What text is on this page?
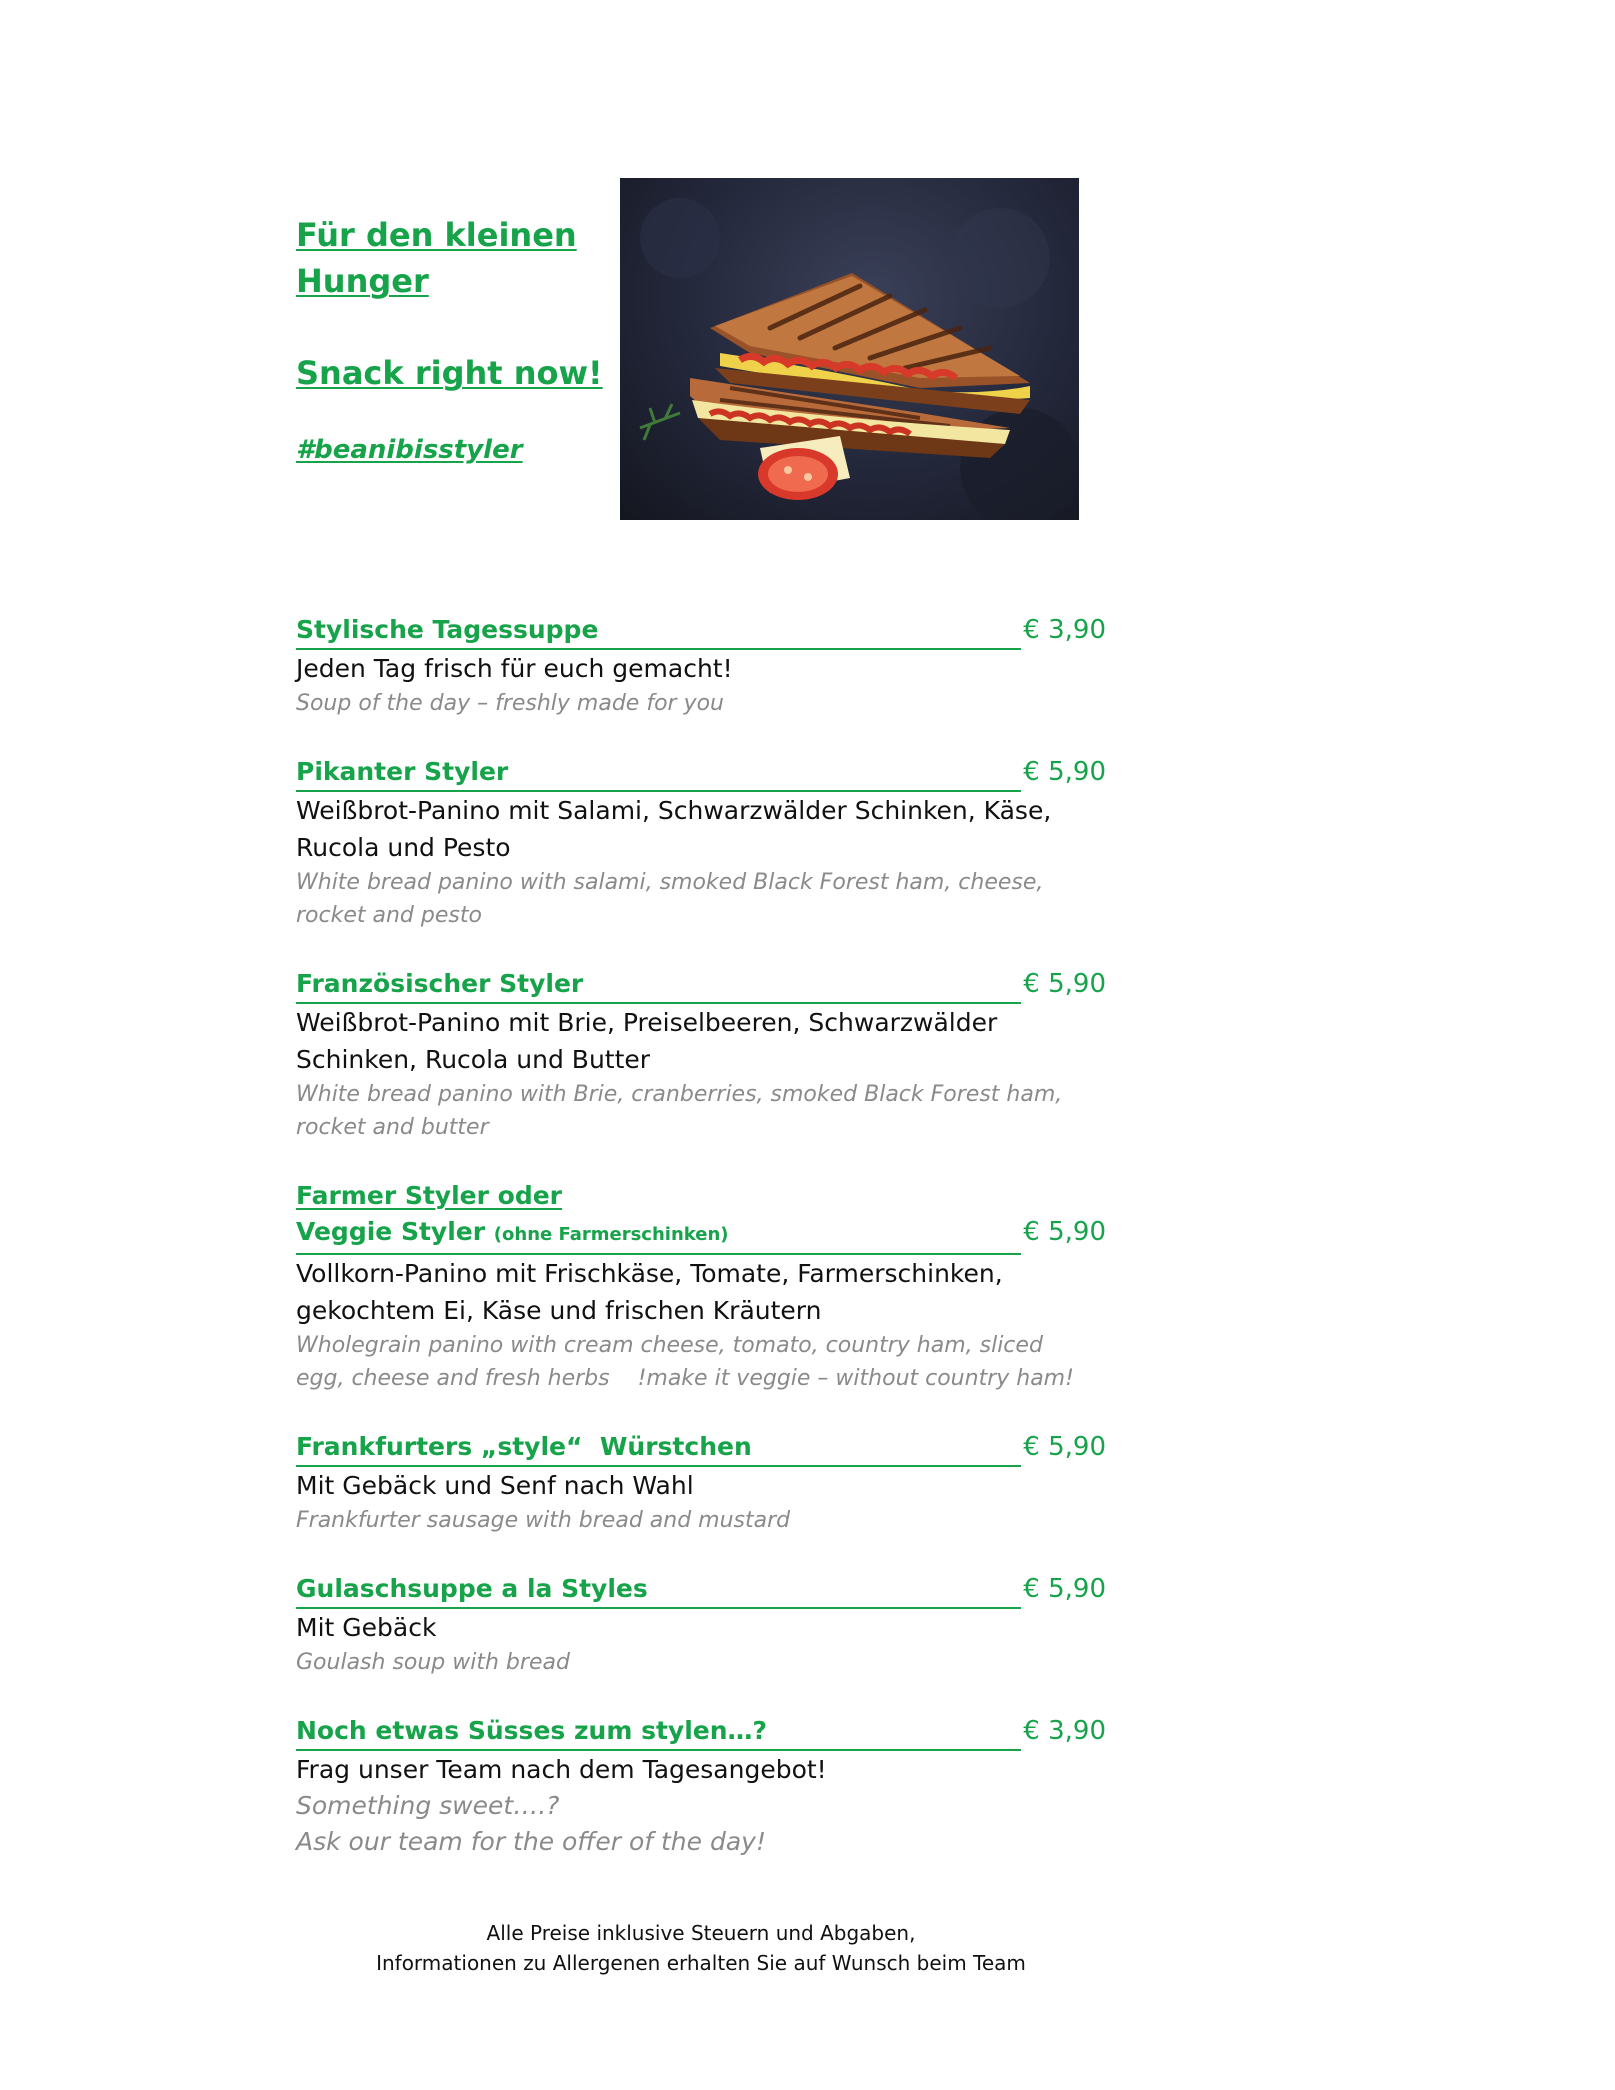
Für den kleinen Hunger
Snack right now!
#beanibisstyler
Stylische Tagessuppe	€ 3,90
Jeden Tag frisch für euch gemacht!
Soup of the day – freshly made for you
Pikanter Styler	€ 5,90
Weißbrot-Panino mit Salami, Schwarzwälder Schinken, Käse, Rucola und Pesto
White bread panino with salami, smoked Black Forest ham, cheese, rocket and pesto
Französischer Styler	€ 5,90
Weißbrot-Panino mit Brie, Preiselbeeren, Schwarzwälder Schinken, Rucola und Butter
White bread panino with Brie, cranberries, smoked Black Forest ham, rocket and butter
Farmer Styler oder
Veggie Styler (ohne Farmerschinken)	€ 5,90
Vollkorn-Panino mit Frischkäse, Tomate, Farmerschinken, gekochtem Ei, Käse und frischen Kräutern
Wholegrain panino with cream cheese, tomato, country ham, sliced egg, cheese and fresh herbs    !make it veggie – without country ham!
Frankfurters „style“  Würstchen	€ 5,90
Mit Gebäck und Senf nach Wahl
Frankfurter sausage with bread and mustard
Gulaschsuppe a la Styles	€ 5,90
Mit Gebäck
Goulash soup with bread
Noch etwas Süsses zum stylen…?	€ 3,90
Frag unser Team nach dem Tagesangebot!
Something sweet….?
Ask our team for the offer of the day!
Alle Preise inklusive Steuern und Abgaben,
Informationen zu Allergenen erhalten Sie auf Wunsch beim Team
